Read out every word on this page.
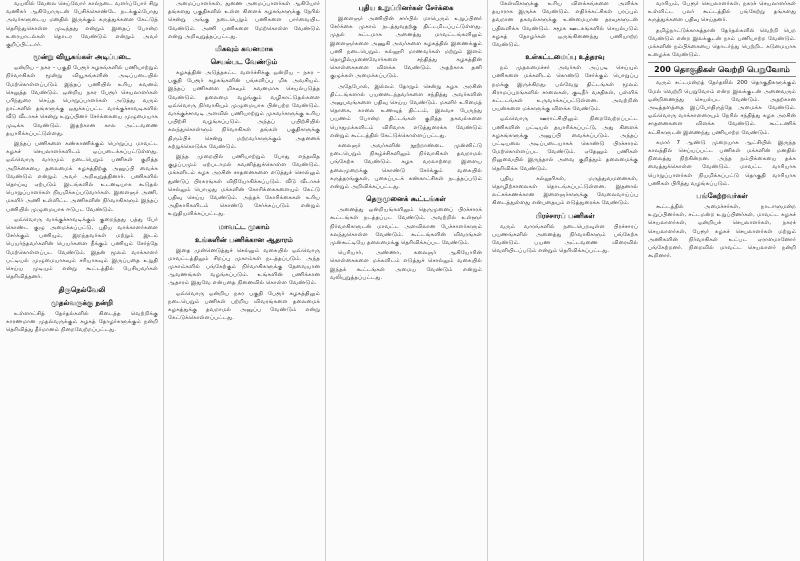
வயலில் வேலை செய்வோர் கால்நடை வளர்ப்போர் சிறு வணிகர் ஆகியோருடன் பேசிக்கொண்டே நடக்கும்போது அவர்களுடைய மனதில் இருக்கும் கருத்துக்களை கேட்டுத் தெரிந்துகொள்ள முடிந்தது என்றும் இதைப் போன்ற உரையாடல்கள் தொடர வேண்டும் என்றும் அவர் குறிப்பிட்டார்.

மூன்று வியூகங்கள் அடிப்படை

ஒன்றிய – நகர – பகுதி பேரூர் கழகங்களில் பணியாற்றும் நிர்வாகிகள் மூன்று வியூகங்களின் அடிப்படையில் மேற்கொள்ளப்படும் இந்தப் பணியில் உரிய கவனம் செலுத்த வேண்டும். ஒன்றிய நகர பேரூர் செயலாளர்கள் பரிந்துரை செய்த பொறுப்பாளர்கள் அடுத்து வரும் நாட்களில் தங்களுக்கு ஒதுக்கப்பட்ட வாக்குச்சாவடிகளில் வீடு வீடாகச் சென்று உறுப்பினர் சேர்க்கையை முழுமையாக முடிக்க வேண்டும். இதற்கான கால அட்டவணை தயாரிக்கப்பட்டுள்ளது.

இந்தப் பணிகளை கண்காணிக்கும் பொறுப்பு மாவட்ட கழகச் செயலாளர்களிடம் ஒப்படைக்கப்பட்டுள்ளது. ஒவ்வொரு வாரமும் நடைபெறும் பணிகள் குறித்த அறிக்கையை தலைமைக் கழகத்திற்கு அனுப்பி வைக்க வேண்டும் என்றும் அவர் அறிவுறுத்தினார். பணிகளில் தொய்வு ஏற்படும் இடங்களில் உடனடியாக கூடுதல் பொறுப்பாளர்கள் நியமிக்கப்படுவார்கள். இளைஞர் அணி, மகளிர் அணி உள்ளிட்ட அணிகளின் நிர்வாகிகளும் இந்தப் பணியில் முழுமையாக ஈடுபட வேண்டும்.

ஒவ்வொரு வாக்குச்சாவடிக்கும் குறைந்தது பத்து பேர் கொண்ட குழு அமைக்கப்பட்டு, புதிய வாக்காளர்களை சேர்க்கும் பணியும், இறந்தவர்கள் மற்றும் இடம் பெயர்ந்தவர்களின் பெயர்களை நீக்கும் பணியும் சேர்ந்தே மேற்கொள்ளப்பட வேண்டும். இதன் மூலம் வாக்காளர் பட்டியல் முழுமையாகவும் சரியாகவும் இருப்பதை உறுதி செய்ய முடியும் என்று கூட்டத்தில் பேசியவர்கள் தெரிவித்தனர்.

திருநெல்வேலி
முதல்வருக்கு நன்றி

உள்ளாட்சித் தேர்தல்களில் கிடைத்த வெற்றிக்கு காரணமான முதல்வருக்கும் கழகத் தோழர்களுக்கும் நன்றி தெரிவித்து தீர்மானம் நிறைவேற்றப்பட்டது.

அமைப்பாளர்கள், துணை அமைப்பாளர்கள் ஆகியோர் தங்களது பகுதிகளில் உள்ள கிளைக் கழகங்களுக்கு நேரில் சென்று அங்கு நடைபெறும் பணிகளை பார்வையிட வேண்டும். அணி பணிகளை மேற்கொள்ள வேண்டும் என்று அறிவுறுத்தப்பட்டது.

மிகவும் கவனமாக
செயல்பட வேண்டும்

கழகத்தின் அடுத்தகட்ட வளர்ச்சிக்கு ஒன்றிய – நகர – பகுதி பேரூர் கழகங்களின் பங்களிப்பு மிக அவசியம். இந்தப் பணிகளை மிகவும் கவனமாக செயல்படுத்த வேண்டும். தலைமை வழங்கும் வழிகாட்டுதல்களை ஒவ்வொரு நிர்வாகியும் முழுமையாக பின்பற்ற வேண்டும். வாக்குச்சாவடி அளவில் பணியாற்றும் முகவர்களுக்கு உரிய பயிற்சி வழங்கப்படும். அந்தப் பயிற்சியில் கலந்துகொள்ளும் நிர்வாகிகள் தங்கள் பகுதிகளுக்கு திரும்பிச் சென்று மற்றவர்களுக்கும் அதனைக் கற்றுக்கொடுக்க வேண்டும்.

இந்த முறையில் பணியாற்றும் போது எந்தவித குழப்பமும் ஏற்படாமல் கவனித்துக்கொள்ள வேண்டும். மக்களிடம் கழக அரசின் சாதனைகளை எடுத்துச் சொல்லும் துண்டுப் பிரசுரங்கள் விநியோகிக்கப்படும். வீடு வீடாகச் செல்லும் பொழுது மக்களின் கோரிக்கைகளையும் கேட்டு பதிவு செய்ய வேண்டும். அந்தக் கோரிக்கைகள் உரிய அதிகாரிகளிடம் கொண்டு சேர்க்கப்படும் என்றும் உறுதியளிக்கப்பட்டது.

மாவட்ட முகாம்
உங்களின் பணிக்கான ஆதாரம்

இதை முன்னெடுத்துச் செல்லும் வகையில் ஒவ்வொரு மாவட்டத்திலும் சிறப்பு முகாம்கள் நடத்தப்படும். அந்த முகாம்களில் பங்கேற்கும் நிர்வாகிகளுக்கு தேவையான ஆவணங்கள் வழங்கப்படும். உங்களின் பணிக்கான ஆதாரம் இதுவே என்பதை நினைவில் கொள்ள வேண்டும்.

ஒவ்வொரு ஒன்றிய நகர பகுதி பேரூர் கழகத்திலும் நடைபெறும் பணிகள் பற்றிய விவரங்களை தலைமைக் கழகத்துக்கு தவறாமல் அனுப்ப வேண்டும் என்று கேட்டுக்கொள்ளப்பட்டது.

புதிய உறுப்பினர்கள் சேர்க்கை

இளைஞர் அணியின் சார்பில் மாபெரும் உறுப்பினர் சேர்க்கை முகாம் நடத்துவதற்கு திட்டமிடப்பட்டுள்ளது. முதல் கட்டமாக அனைத்து மாவட்டங்களிலும் இளைஞர்களை அணுகி அவர்களை கழகத்தில் இணைக்கும் பணி நடைபெறும். கல்லூரி மாணவர்கள் மற்றும் இளம் தொழில்முனைவோர்களை சந்தித்து கழகத்தின் கொள்கைகளை விளக்க வேண்டும். அதற்காக தனி குழுக்கள் அமைக்கப்படும்.

அதேபோல், இல்லம் தோறும் சென்று கழக அரசின் திட்டங்களால் பயனடைந்தவர்களை சந்தித்து அவர்களின் அனுபவங்களை பதிவு செய்ய வேண்டும். மகளிர் உரிமைத் தொகை, காலை உணவுத் திட்டம், இலவச பேருந்து பயணம் போன்ற திட்டங்கள் குறித்த தகவல்களை பொதுமக்களிடம் விரிவாக எடுத்துரைக்க வேண்டும் என்றும் கூட்டத்தில் கேட்டுக்கொள்ளப்பட்டது.

கலைஞர் அவர்களின் நூற்றாண்டை முன்னிட்டு நடைபெறும் நிகழ்ச்சிகளிலும் நிர்வாகிகள் தவறாமல் பங்கேற்க வேண்டும். கழக வரலாற்றை இளைய தலைமுறைக்கு கொண்டு சேர்க்கும் வகையில் கருத்தரங்குகள், புகைப்படக் கண்காட்சிகள் நடத்தப்படும் என்றும் அறிவிக்கப்பட்டது.

தெருமுனைக் கூட்டங்கள்

அனைத்து ஒன்றியங்களிலும் தெருமுனைப் பிரச்சாரக் கூட்டங்கள் நடத்தப்பட வேண்டும். அவற்றில் உள்ளூர் நிர்வாகிகளுடன் மாவட்ட அளவிலான பேச்சாளர்களும் கலந்துகொள்ள வேண்டும். கூட்டங்களின் விவரங்கள் முன்கூட்டியே தலைமைக்கு தெரிவிக்கப்பட வேண்டும்.

பெரியார், அண்ணா, கலைஞர் ஆகியோரின் கொள்கைகளை மக்களிடம் எடுத்துச் சொல்லும் வகையில் இந்தக் கூட்டங்கள் அமைய வேண்டும் என்றும் வலியுறுத்தப்பட்டது.

கேள்விகளுக்கு உரிய விளக்கங்களை அளிக்க தயாராக இருக்க வேண்டும். எதிர்க்கட்சிகள் பரப்பும் தவறான தகவல்களுக்கு உண்மையான தரவுகளுடன் பதிலளிக்க வேண்டும். சமூக ஊடகங்களில் செயல்படும் கழகத் தோழர்கள் ஒருங்கிணைந்து பணியாற்ற வேண்டும்.

உள்கட்டமைப்பு உத்தரவு

நம் முதலமைச்சர் அவர்கள் அப்படி செய்யும் பணிகளை மக்களிடம் கொண்டு சேர்க்கும் பொறுப்பு நமக்கு இருக்கிறது. பல்வேறு திட்டங்கள் மூலம் கிராமப்புறங்களில் சாலைகள், குடிநீர் வசதிகள், பள்ளிக் கட்டடங்கள் உருவாக்கப்பட்டுள்ளன. அவற்றின் பயன்களை மக்களுக்கு விளக்க வேண்டும்.

ஒவ்வொரு ஊராட்சியிலும் நிறைவேற்றப்பட்ட பணிகளின் பட்டியல் தயாரிக்கப்பட்டு, அது கிளைக் கழகங்களுக்கு அனுப்பி வைக்கப்படும். அந்தப் பட்டியலை அடிப்படையாகக் கொண்டு பிரச்சாரம் மேற்கொள்ளப்பட வேண்டும். ஏதேனும் பணிகள் நிலுவையில் இருந்தால் அவை குறித்தும் தலைமைக்கு தெரிவிக்க வேண்டும்.

புதிய கல்லூரிகள், மருத்துவமனைகள், தொழிற்சாலைகள் தொடங்கப்பட்டுள்ளன. இதனால் லட்சக்கணக்கான இளைஞர்களுக்கு வேலைவாய்ப்பு கிடைத்துள்ளது என்பதையும் எடுத்துரைக்க வேண்டும்.

பிரச்சாரப் பணிகள்

வரும் வாரங்களில் நடைபெறவுள்ள பிரச்சாரப் பயணங்களில் அனைத்து நிர்வாகிகளும் பங்கேற்க வேண்டும். பயண அட்டவணை விரைவில் வெளியிடப்படும் என்றும் தெரிவிக்கப்பட்டது.

வாரியம், பேரூர் செயலாளர்கள், நகரச் செயலாளர்கள் உள்ளிட்ட பலர் கூட்டத்தில் பங்கேற்று தங்களது கருத்துக்களை பதிவு செய்தனர்.

தமிழ்நாட்டுக்காகத்தான் தேர்தல்களில் வெற்றி பெற வேண்டும் என்ற இலக்குடன் நாம் பணியாற்ற வேண்டும். மக்களின் நம்பிக்கையை தொடர்ந்து பெற்றிட கடுமையாக உழைக்க வேண்டும்.

200 தொகுதிகள் வெற்றி பெறுவோம்

வரும் சட்டமன்றத் தேர்தலில் 200 தொகுதிகளுக்கும் மேல் வெற்றி பெறுவோம் என்ற இலக்குடன் அனைவரும் ஒன்றிணைந்து செயல்பட வேண்டும். அதற்கான அடித்தளத்தை இப்போதிருந்தே அமைக்க வேண்டும். ஒவ்வொரு வாக்காளரையும் நேரில் சந்தித்து கழக அரசின் சாதனைகளை விளக்க வேண்டும். கூட்டணிக் கட்சிகளுடன் இணைந்து பணியாற்ற வேண்டும்.

சுமார் 7 ஆண்டு முறையாக ஆட்சியில் இருந்த காலத்தில் செய்யப்பட்ட பணிகள் மக்களின் மனதில் நிலைத்து நிற்கின்றன. அந்த நம்பிக்கையை தக்க வைத்துக்கொள்ள வேண்டும். மாவட்ட வாரியாக பொறுப்பாளர்கள் நியமிக்கப்பட்டு தொகுதி வாரியாக பணிகள் பிரித்து வழங்கப்படும்.

பங்கேற்றவர்கள்

கூட்டத்தில் அமைச்சர்கள், நாடாளுமன்ற உறுப்பினர்கள், சட்டமன்ற உறுப்பினர்கள், மாவட்ட கழகச் செயலாளர்கள், ஒன்றியச் செயலாளர்கள், நகரச் செயலாளர்கள், பேரூர் கழகச் செயலாளர்கள் மற்றும் அணிகளின் நிர்வாகிகள் உட்பட ஏராளமானோர் பங்கேற்றனர். நிறைவில் மாவட்ட செயலாளர் நன்றி கூறினார்.
